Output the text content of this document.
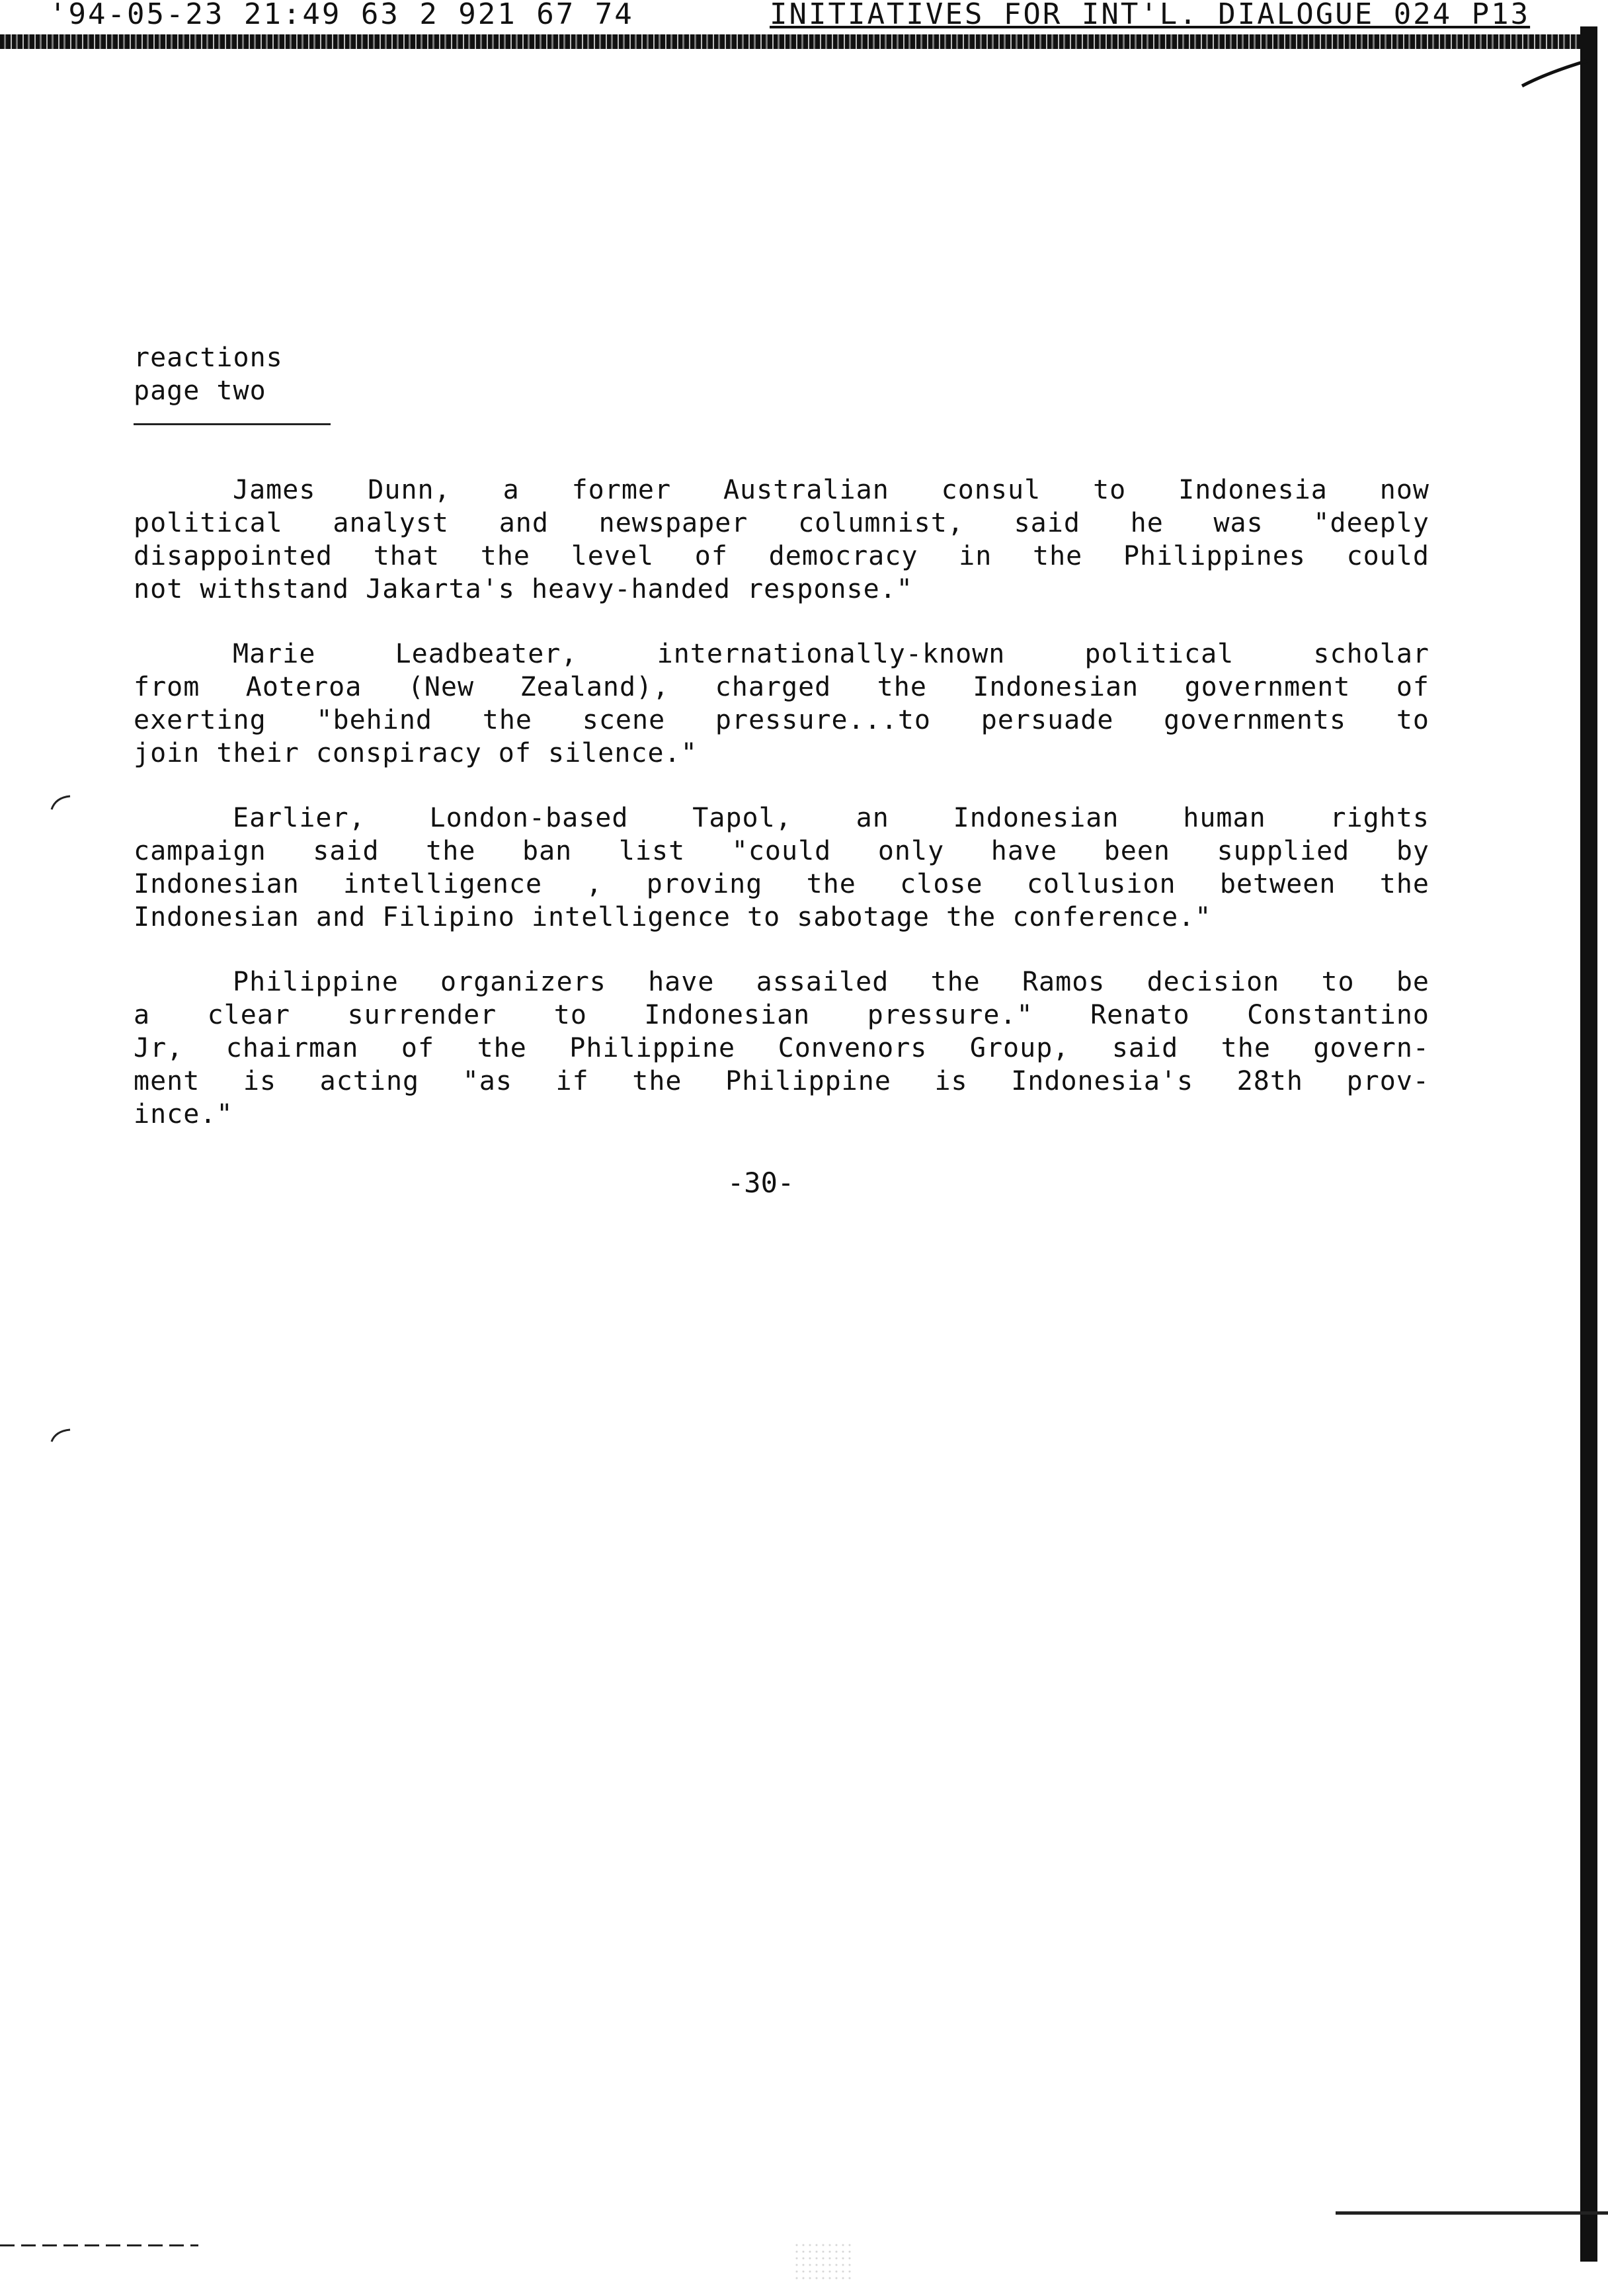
'94-05-23 21:49 63 2 921 67 74

	INITIATIVES FOR INT'L. DIALOGUE 024 P13

reactions
page two
James Dunn, a former Australian consul to Indonesia now
political analyst and newspaper columnist, said he was "deeply
disappointed that the level of democracy in the Philippines could
not withstand Jakarta's heavy-handed response."
Marie Leadbeater, internationally-known political scholar
from Aoteroa (New Zealand), charged the Indonesian government of
exerting "behind the scene pressure...to persuade governments to
join their conspiracy of silence."
Earlier, London-based Tapol, an Indonesian human rights
campaign said the ban list "could only have been supplied by
Indonesian intelligence , proving the close collusion between the
Indonesian and Filipino intelligence to sabotage the conference."
Philippine organizers have assailed the Ramos decision to be
a clear surrender to Indonesian pressure." Renato Constantino
Jr, chairman of the Philippine Convenors Group, said the govern-
ment is acting "as if the Philippine is Indonesia's 28th prov-
ince."
-30-
